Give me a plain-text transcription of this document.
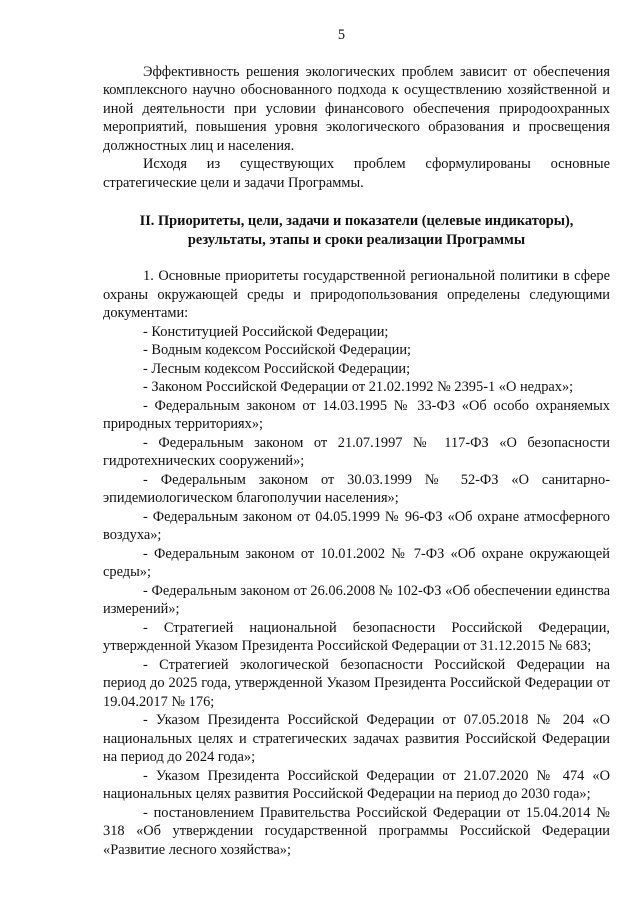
5

Эффективность решения экологических проблем зависит от обеспечения комплексного научно обоснованного подхода к осуществлению хозяйственной и иной деятельности при условии финансового обеспечения природоохранных мероприятий, повышения уровня экологического образования и просвещения должностных лиц и населения.

Исходя из существующих проблем сформулированы основные стратегические цели и задачи Программы.

II. Приоритеты, цели, задачи и показатели (целевые индикаторы), результаты, этапы и сроки реализации Программы

1. Основные приоритеты государственной региональной политики в сфере охраны окружающей среды и природопользования определены следующими документами:

- Конституцией Российской Федерации;
- Водным кодексом Российской Федерации;
- Лесным кодексом Российской Федерации;
- Законом Российской Федерации от 21.02.1992 № 2395-1 «О недрах»;
- Федеральным законом от 14.03.1995 № 33-ФЗ «Об особо охраняемых природных территориях»;
- Федеральным законом от 21.07.1997 № 117-ФЗ «О безопасности гидротехнических сооружений»;
- Федеральным законом от 30.03.1999 № 52-ФЗ «О санитарно-эпидемиологическом благополучии населения»;
- Федеральным законом от 04.05.1999 № 96-ФЗ «Об охране атмосферного воздуха»;
- Федеральным законом от 10.01.2002 № 7-ФЗ «Об охране окружающей среды»;
- Федеральным законом от 26.06.2008 № 102-ФЗ «Об обеспечении единства измерений»;
- Стратегией национальной безопасности Российской Федерации, утвержденной Указом Президента Российской Федерации от 31.12.2015 № 683;
- Стратегией экологической безопасности Российской Федерации на период до 2025 года, утвержденной Указом Президента Российской Федерации от 19.04.2017 № 176;
- Указом Президента Российской Федерации от 07.05.2018 № 204 «О национальных целях и стратегических задачах развития Российской Федерации на период до 2024 года»;
- Указом Президента Российской Федерации от 21.07.2020 № 474 «О национальных целях развития Российской Федерации на период до 2030 года»;
- постановлением Правительства Российской Федерации от 15.04.2014 № 318 «Об утверждении государственной программы Российской Федерации «Развитие лесного хозяйства»;
